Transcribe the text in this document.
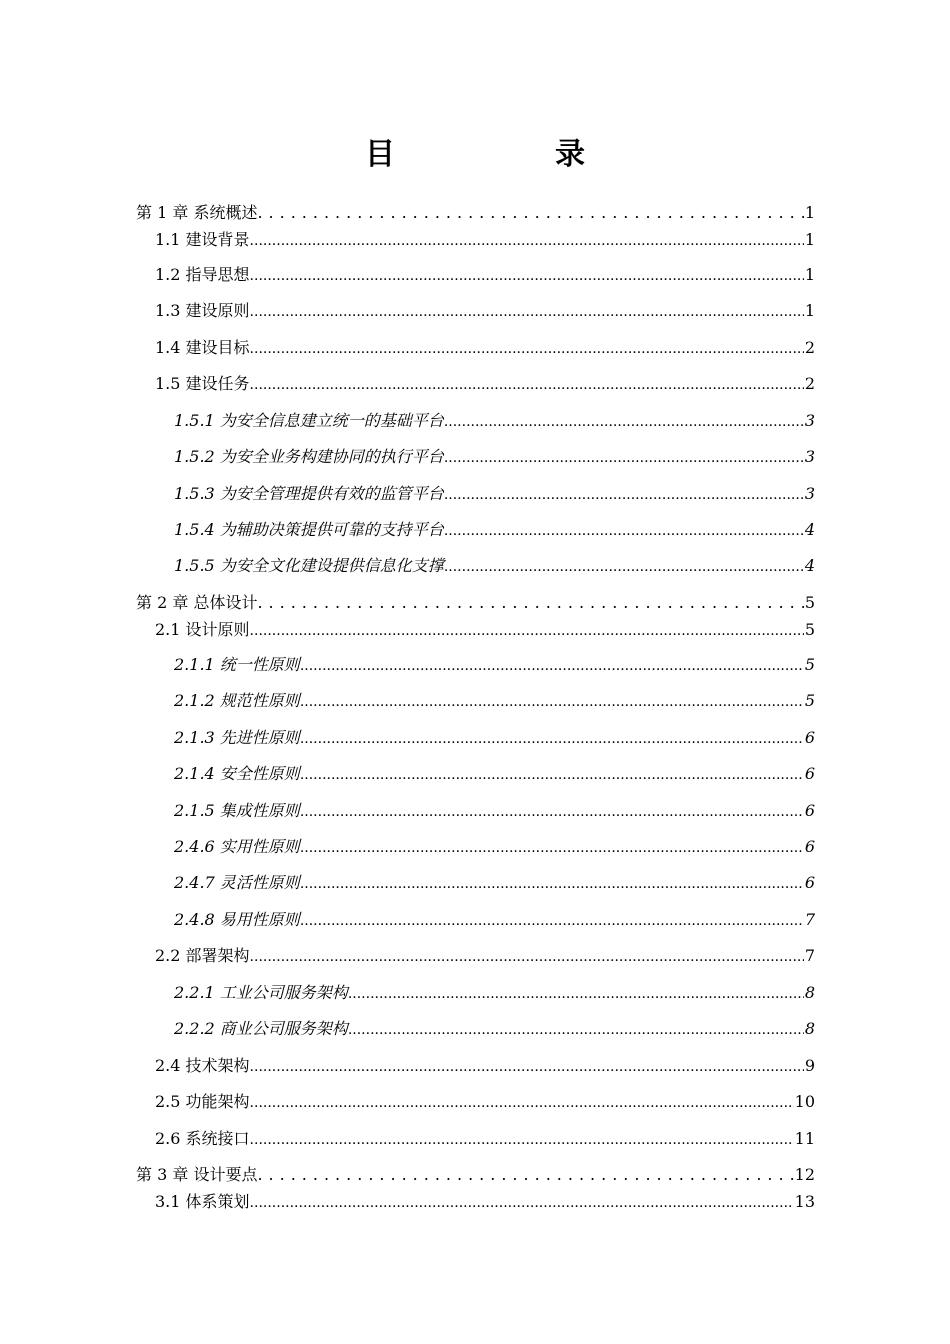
目	录
第 1 章 系统概述 .....	1
1.1 建设背景 .....	1
1.2 指导思想 .....	1
1.3 建设原则 .....	1
1.4 建设目标 .....	2
1.5 建设任务 .....	2
1.5.1 为安全信息建立统一的基础平台 .....	3
1.5.2 为安全业务构建协同的执行平台 .....	3
1.5.3 为安全管理提供有效的监管平台 .....	3
1.5.4 为辅助决策提供可靠的支持平台 .....	4
1.5.5 为安全文化建设提供信息化支撑 .....	4
第 2 章 总体设计 .....	5
2.1 设计原则 .....	5
2.1.1 统一性原则 .....	5
2.1.2 规范性原则 .....	5
2.1.3 先进性原则 .....	6
2.1.4 安全性原则 .....	6
2.1.5 集成性原则 .....	6
2.4.6 实用性原则 .....	6
2.4.7 灵活性原则 .....	6
2.4.8 易用性原则 .....	7
2.2 部署架构 .....	7
2.2.1 工业公司服务架构 .....	8
2.2.2 商业公司服务架构 .....	8
2.4 技术架构 .....	9
2.5 功能架构 .....	10
2.6 系统接口 .....	11
第 3 章 设计要点 .....	12
3.1 体系策划 .....	13
